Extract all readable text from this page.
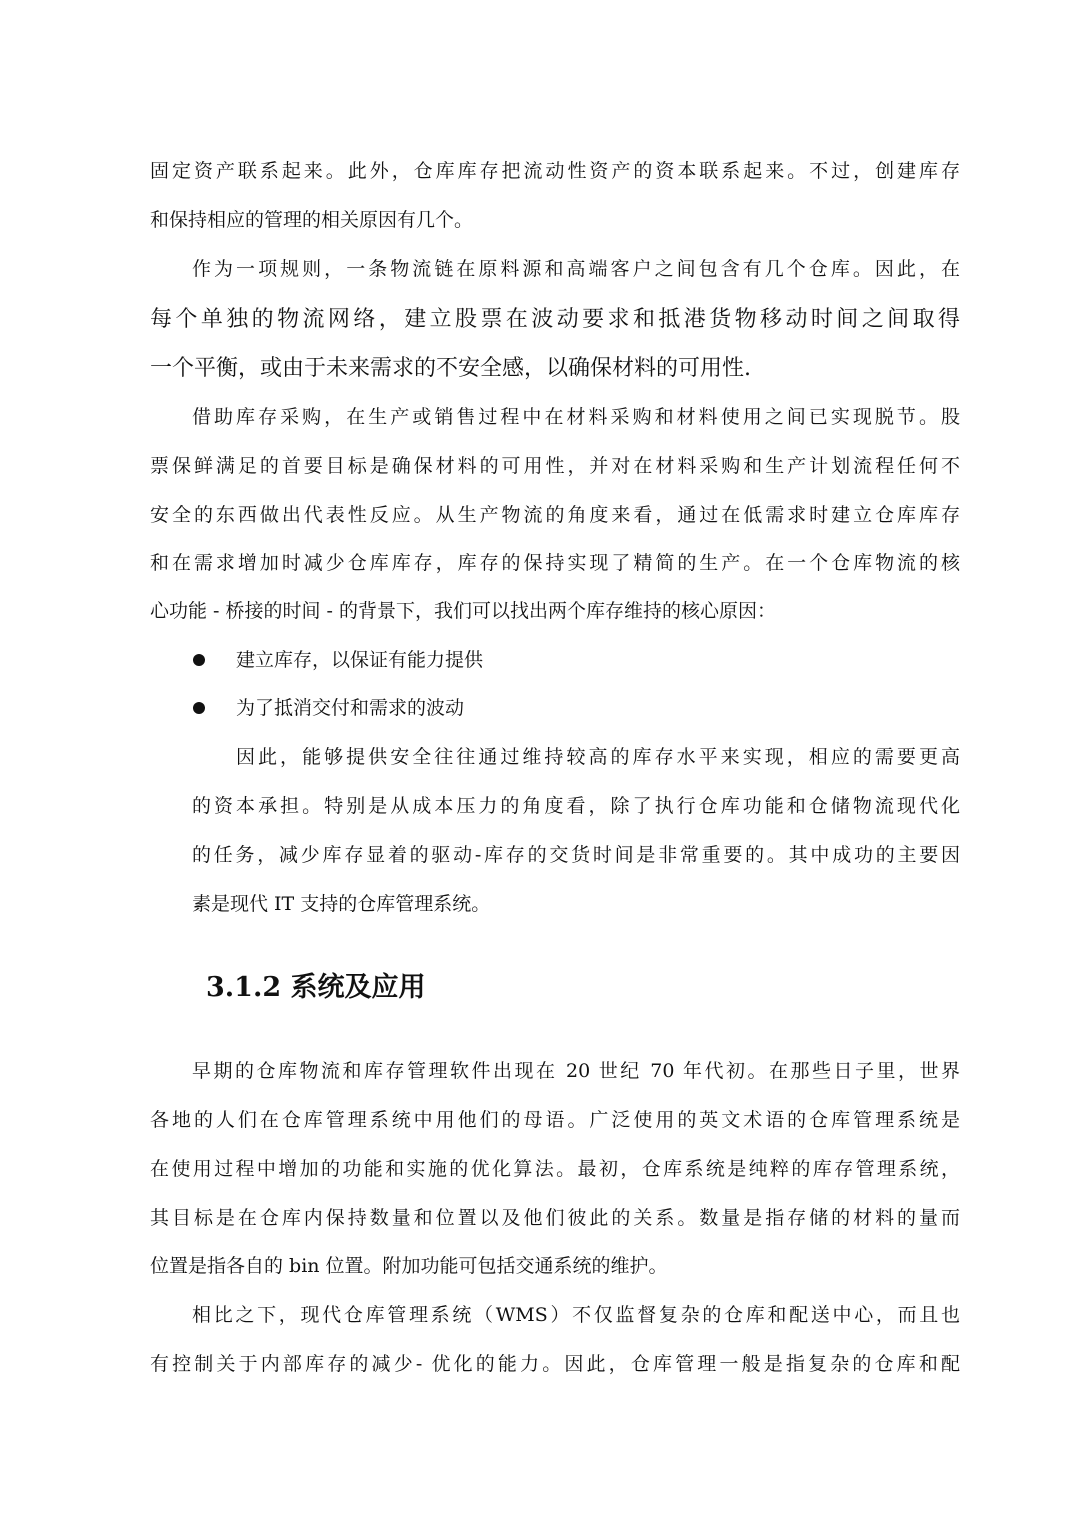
固定资产联系起来。此外，仓库库存把流动性资产的资本联系起来。不过，创建库存
和保持相应的管理的相关原因有几个。
作为一项规则，一条物流链在原料源和高端客户之间包含有几个仓库。因此，在
每个单独的物流网络，建立股票在波动要求和抵港货物移动时间之间取得
一个平衡，或由于未来需求的不安全感，以确保材料的可用性.
借助库存采购，在生产或销售过程中在材料采购和材料使用之间已实现脱节。股
票保鲜满足的首要目标是确保材料的可用性，并对在材料采购和生产计划流程任何不
安全的东西做出代表性反应。从生产物流的角度来看，通过在低需求时建立仓库库存
和在需求增加时减少仓库库存，库存的保持实现了精简的生产。在一个仓库物流的核
心功能 - 桥接的时间 - 的背景下，我们可以找出两个库存维持的核心原因：
建立库存，以保证有能力提供
为了抵消交付和需求的波动
因此，能够提供安全往往通过维持较高的库存水平来实现，相应的需要更高
的资本承担。特别是从成本压力的角度看，除了执行仓库功能和仓储物流现代化
的任务，减少库存显着的驱动-库存的交货时间是非常重要的。其中成功的主要因
素是现代 IT 支持的仓库管理系统。
3.1.2 系统及应用
早期的仓库物流和库存管理软件出现在 20 世纪 70 年代初。在那些日子里，世界
各地的人们在仓库管理系统中用他们的母语。广泛使用的英文术语的仓库管理系统是
在使用过程中增加的功能和实施的优化算法。最初，仓库系统是纯粹的库存管理系统，
其目标是在仓库内保持数量和位置以及他们彼此的关系。数量是指存储的材料的量而
位置是指各自的 bin 位置。附加功能可包括交通系统的维护。
相比之下，现代仓库管理系统（WMS）不仅监督复杂的仓库和配送中心，而且也
有控制关于内部库存的减少- 优化的能力。因此，仓库管理一般是指复杂的仓库和配
